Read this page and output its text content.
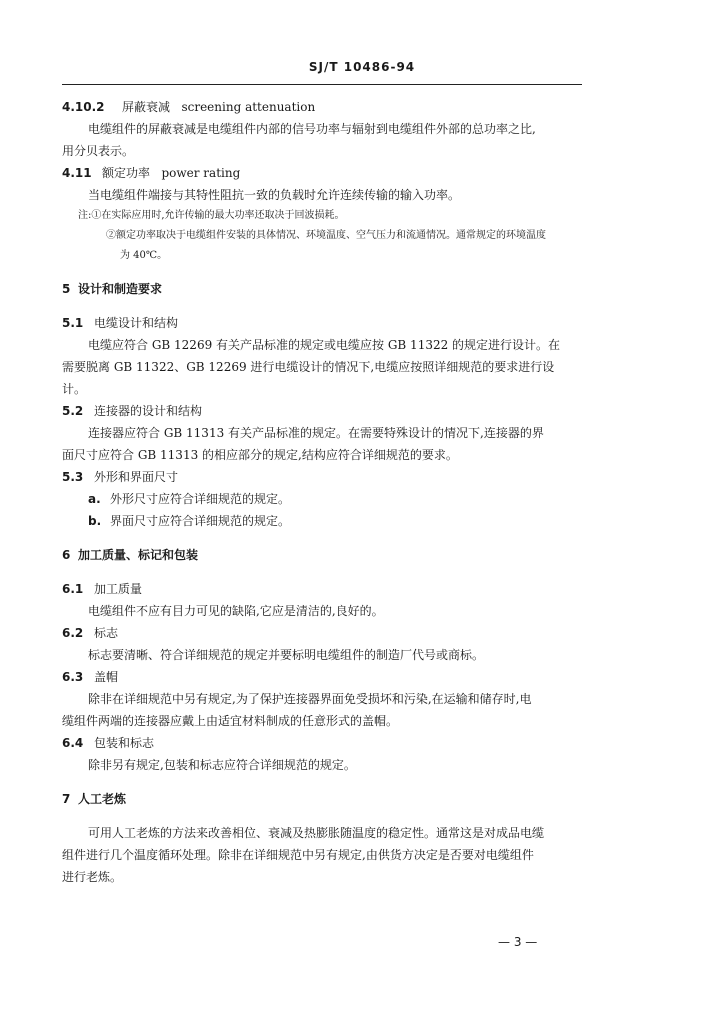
SJ/T 10486-94
4.10.2 屏蔽衰减 screening attenuation
电缆组件的屏蔽衰减是电缆组件内部的信号功率与辐射到电缆组件外部的总功率之比,
用分贝表示。
4.11 额定功率 power rating
当电缆组件端接与其特性阻抗一致的负载时允许连续传输的输入功率。
注:①在实际应用时,允许传输的最大功率还取决于回波损耗。
②额定功率取决于电缆组件安装的具体情况、环境温度、空气压力和流通情况。通常规定的环境温度
为 40℃。
5 设计和制造要求
5.1 电缆设计和结构
电缆应符合 GB 12269 有关产品标准的规定或电缆应按 GB 11322 的规定进行设计。在
需要脱离 GB 11322、GB 12269 进行电缆设计的情况下,电缆应按照详细规范的要求进行设
计。
5.2 连接器的设计和结构
连接器应符合 GB 11313 有关产品标准的规定。在需要特殊设计的情况下,连接器的界
面尺寸应符合 GB 11313 的相应部分的规定,结构应符合详细规范的要求。
5.3 外形和界面尺寸
a. 外形尺寸应符合详细规范的规定。
b. 界面尺寸应符合详细规范的规定。
6 加工质量、标记和包装
6.1 加工质量
电缆组件不应有目力可见的缺陷,它应是清洁的,良好的。
6.2 标志
标志要清晰、符合详细规范的规定并要标明电缆组件的制造厂代号或商标。
6.3 盖帽
除非在详细规范中另有规定,为了保护连接器界面免受损坏和污染,在运输和储存时,电
缆组件两端的连接器应戴上由适宜材料制成的任意形式的盖帽。
6.4 包装和标志
除非另有规定,包装和标志应符合详细规范的规定。
7 人工老炼
可用人工老炼的方法来改善相位、衰减及热膨胀随温度的稳定性。通常这是对成品电缆
组件进行几个温度循环处理。除非在详细规范中另有规定,由供货方决定是否要对电缆组件
进行老炼。
— 3 —
